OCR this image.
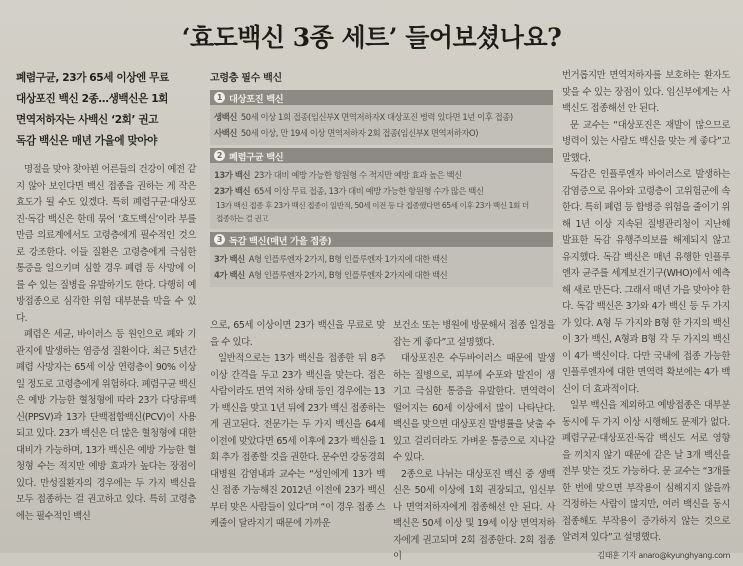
‘효도백신 3종 세트’ 들어보셨나요?
폐렴구균, 23가 65세 이상엔 무료
대상포진 백신 2종…생백신은 1회
면역저하자는 사백신 ‘2회’ 권고
독감 백신은 매년 가을에 맞아야

명절을 맞아 찾아뵌 어른들의 건강이 예전 같지 않아 보인다면 백신 접종을 권하는 게 작은 효도가 될 수도 있겠다. 특히 폐렴구균·대상포진·독감 백신은 한데 묶어 ‘효도백신’이라 부를 만큼 의료계에서도 고령층에게 필수적인 것으로 강조한다. 이들 질환은 고령층에게 극심한 통증을 일으키며 심할 경우 폐렴 등 사망에 이를 수 있는 질병을 유발하기도 한다. 다행히 예방접종으로 심각한 위험 대부분을 막을 수 있다.

폐렴은 세균, 바이러스 등 원인으로 폐와 기관지에 발생하는 염증성 질환이다. 최근 5년간 폐렴 사망자는 65세 이상 연령층이 90% 이상일 정도로 고령층에게 위험하다. 폐렴구균 백신은 예방 가능한 혈청형에 따라 23가 다당류백신(PPSV)과 13가 단백접합백신(PCV)이 사용되고 있다. 23가 백신은 더 많은 혈청형에 대한 대비가 가능하며, 13가 백신은 예방 가능한 혈청형 수는 적지만 예방 효과가 높다는 장점이 있다. 만성질환자의 경우에는 두 가지 백신을 모두 접종하는 걸 권고하고 있다. 특히 고령층에는 필수적인 백신

고령층 필수 백신
1 대상포진 백신
생백신 50세 이상 1회 접종(임신부X 면역저하자X 대상포진 병력 있다면 1년 이후 접종)
사백신 50세 이상, 만 19세 이상 면역저하자 2회 접종(임신부X 면역저하자O)
2 폐렴구균 백신
13가 백신 23가 대비 예방 가능한 항원형 수 적지만 예방 효과 높은 백신
23가 백신 65세 이상 무료 접종, 13가 대비 예방 가능한 항원형 수가 많은 백신
13가 백신 접종 후 23가 백신 접종이 일반적, 50세 이전 등 다 접종했다면 65세 이후 23가 백신 1회 더
접종하는 걸 권고
3 독감 백신(매년 가을 접종)
3가 백신 A형 인플루엔자 2가지, B형 인플루엔자 1가지에 대한 백신
4가 백신 A형 인플루엔자 2가지, B형 인플루엔자 2가지에 대한 백신

으로, 65세 이상이면 23가 백신을 무료로 맞을 수 있다.

일반적으로는 13가 백신을 접종한 뒤 8주 이상 간격을 두고 23가 백신을 맞는다. 접은 사람이라도 면역 저하 상태 등인 경우에는 13가 백신을 맞고 1년 뒤에 23가 백신 접종하는 게 권고된다. 전문가는 두 가지 백신을 64세 이전에 맞았다면 65세 이후에 23가 백신을 1회 추가 접종할 것을 권한다. 문수연 강동경희대병원 감염내과 교수는 “성인에게 13가 백신 접종 가능해진 2012년 이전에 23가 백신부터 맞은 사람들이 있다”며 “이 경우 접종 스케줄이 달라지기 때문에 가까운

보건소 또는 병원에 방문해서 접종 일정을 잡는 게 좋다”고 설명했다.

대상포진은 수두바이러스 때문에 발생하는 질병으로, 피부에 수포와 발진이 생기고 극심한 통증을 유발한다. 면역력이 떨어지는 60세 이상에서 많이 나타난다. 백신을 맞으면 대상포진 발병률을 낮출 수 있고 걸리더라도 가벼운 통증으로 지나갈 수 있다.

2종으로 나뉘는 대상포진 백신 중 생백신은 50세 이상에 1회 권장되고, 임신부나 면역저하자에게 접종해선 안 된다. 사백신은 50세 이상 및 19세 이상 면역저하자에게 권고되며 2회 접종한다. 2회 접종이

번거롭지만 면역저하자를 보호하는 환자도 맞을 수 있는 장점이 있다. 임신부에게는 사백신도 접종해선 안 된다.

문 교수는 “대상포진은 재발이 많으므로 병력이 있는 사람도 백신을 맞는 게 좋다”고 말했다.

독감은 인플루엔자 바이러스로 발생하는 감염증으로 유아와 고령층이 고위험군에 속한다. 특히 폐렴 등 합병증 위험을 줄이기 위해 1년 이상 지속된 질병관리청이 지난해 발표한 독감 유행주의보를 해제되지 않고 유지했다. 독감 백신은 매년 유행한 인플루엔자 균주를 세계보건기구(WHO)에서 예측해 새로 만든다. 그래서 매년 가을 맞아야 한다. 독감 백신은 3가와 4가 백신 등 두 가지가 있다. A형 두 가지와 B형 한 가지의 백신이 3가 백신, A형과 B형 각 두 가지의 백신이 4가 백신이다. 다만 국내에 접종 가능한 인플루엔자에 대한 면역력 확보에는 4가 백신이 더 효과적이다.

일부 백신을 제외하고 예방접종은 대부분 동시에 두 가지 이상 시행해도 문제가 없다. 폐렴구균·대상포진·독감 백신도 서로 영향을 끼치지 않기 때문에 같은 날 3개 백신을 전부 맞는 것도 가능하다. 문 교수는 “3개를 한 번에 맞으면 부작용이 심해지지 않을까 걱정하는 사람이 많지만, 여러 백신을 동시 접종해도 부작용이 증가하지 않는 것으로 알려져 있다”고 설명했다.

김태훈 기자 anaro@kyunghyang.com
